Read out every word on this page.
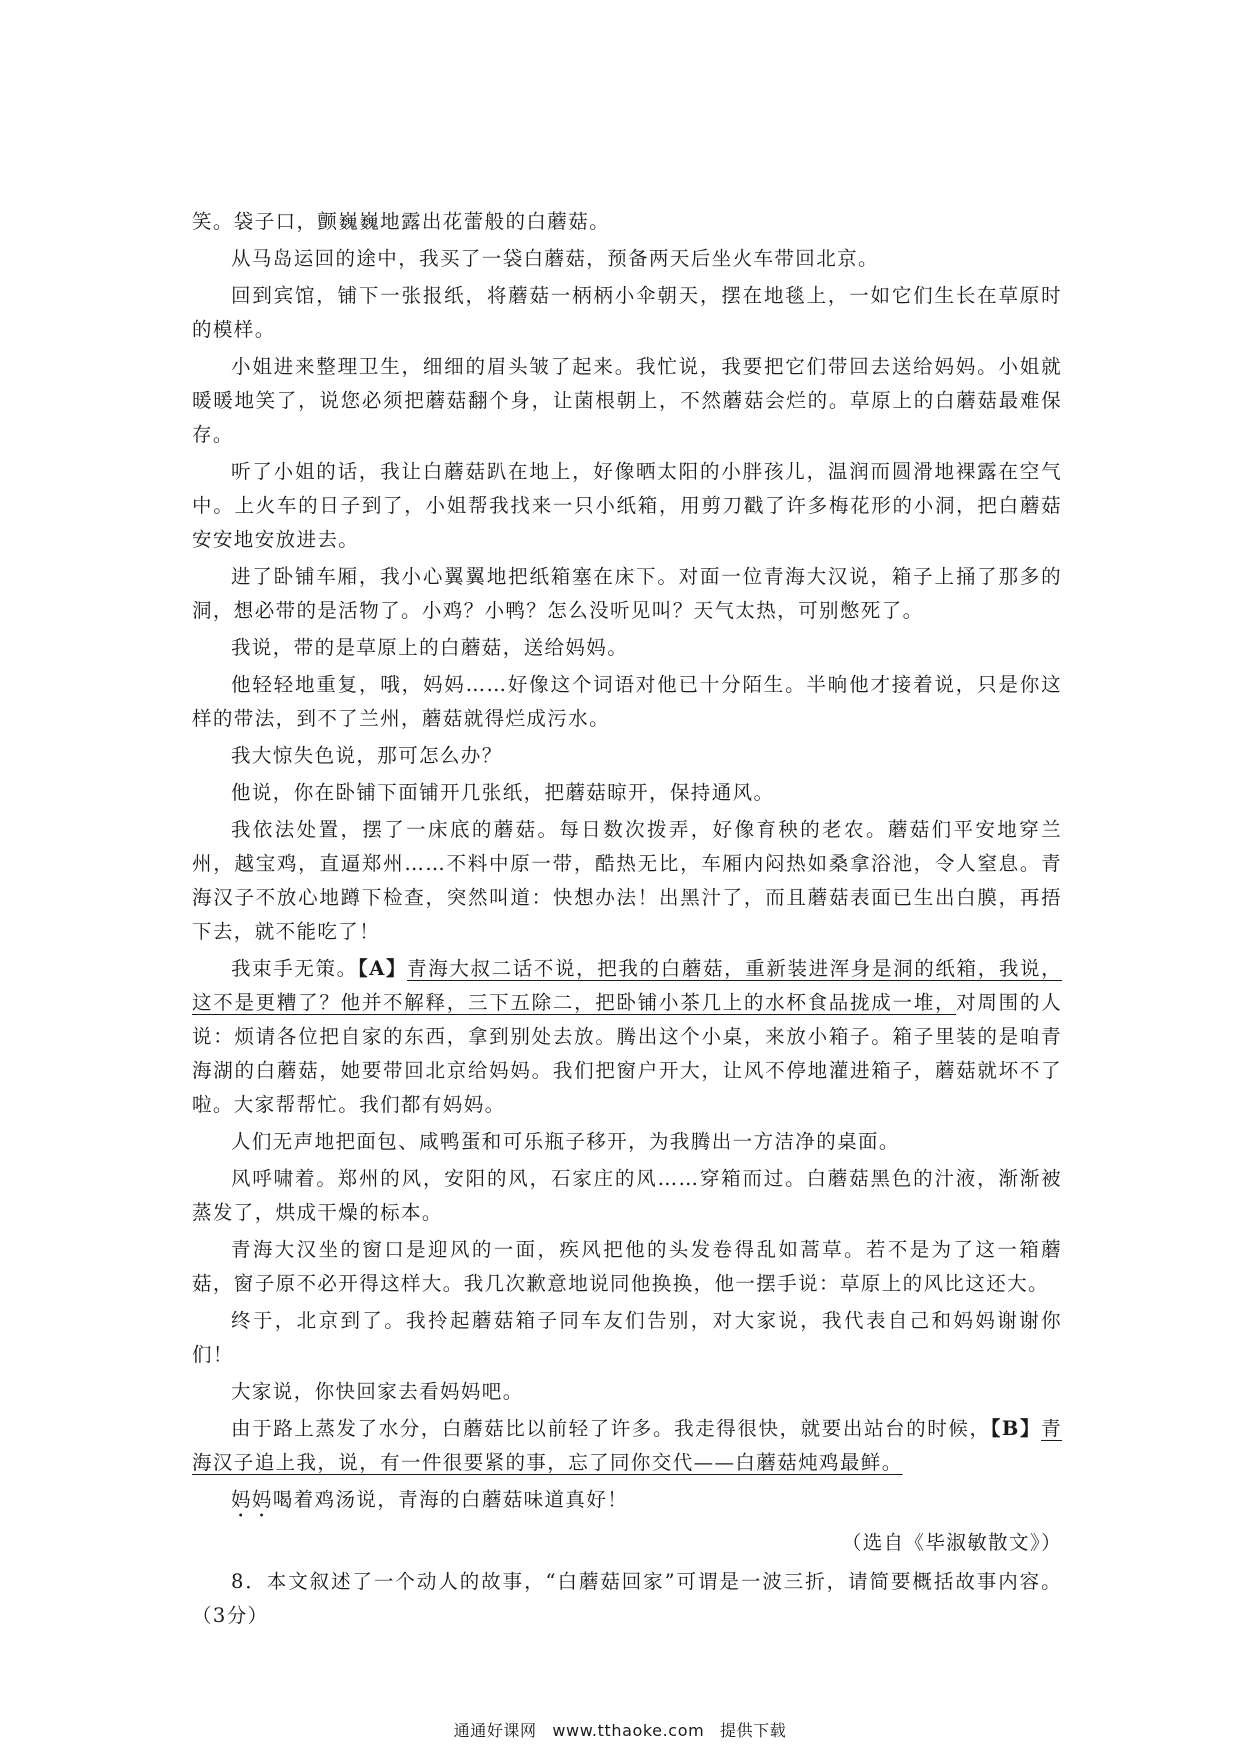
笑。袋子口，颤巍巍地露出花蕾般的白蘑菇。

从马岛运回的途中，我买了一袋白蘑菇，预备两天后坐火车带回北京。

回到宾馆，铺下一张报纸，将蘑菇一柄柄小伞朝天，摆在地毯上，一如它们生长在草原时的模样。

小姐进来整理卫生，细细的眉头皱了起来。我忙说，我要把它们带回去送给妈妈。小姐就暖暖地笑了，说您必须把蘑菇翻个身，让菌根朝上，不然蘑菇会烂的。草原上的白蘑菇最难保存。

听了小姐的话，我让白蘑菇趴在地上，好像晒太阳的小胖孩儿，温润而圆滑地裸露在空气中。上火车的日子到了，小姐帮我找来一只小纸箱，用剪刀戳了许多梅花形的小洞，把白蘑菇安安地安放进去。

进了卧铺车厢，我小心翼翼地把纸箱塞在床下。对面一位青海大汉说，箱子上捅了那多的洞，想必带的是活物了。小鸡？小鸭？怎么没听见叫？天气太热，可别憋死了。

我说，带的是草原上的白蘑菇，送给妈妈。

他轻轻地重复，哦，妈妈……好像这个词语对他已十分陌生。半晌他才接着说，只是你这样的带法，到不了兰州，蘑菇就得烂成污水。

我大惊失色说，那可怎么办？

他说，你在卧铺下面铺开几张纸，把蘑菇晾开，保持通风。

我依法处置，摆了一床底的蘑菇。每日数次拨弄，好像育秧的老农。蘑菇们平安地穿兰州，越宝鸡，直逼郑州……不料中原一带，酷热无比，车厢内闷热如桑拿浴池，令人窒息。青海汉子不放心地蹲下检查，突然叫道：快想办法！出黑汁了，而且蘑菇表面已生出白膜，再捂下去，就不能吃了！

我束手无策。【A】青海大叔二话不说，把我的白蘑菇，重新装进浑身是洞的纸箱，我说，这不是更糟了？他并不解释，三下五除二，把卧铺小茶几上的水杯食品拢成一堆，对周围的人说：烦请各位把自家的东西，拿到别处去放。腾出这个小桌，来放小箱子。箱子里装的是咱青海湖的白蘑菇，她要带回北京给妈妈。我们把窗户开大，让风不停地灌进箱子，蘑菇就坏不了啦。大家帮帮忙。我们都有妈妈。

人们无声地把面包、咸鸭蛋和可乐瓶子移开，为我腾出一方洁净的桌面。

风呼啸着。郑州的风，安阳的风，石家庄的风……穿箱而过。白蘑菇黑色的汁液，渐渐被蒸发了，烘成干燥的标本。

青海大汉坐的窗口是迎风的一面，疾风把他的头发卷得乱如蒿草。若不是为了这一箱蘑菇，窗子原不必开得这样大。我几次歉意地说同他换换，他一摆手说：草原上的风比这还大。

终于，北京到了。我拎起蘑菇箱子同车友们告别，对大家说，我代表自己和妈妈谢谢你们！

大家说，你快回家去看妈妈吧。

由于路上蒸发了水分，白蘑菇比以前轻了许多。我走得很快，就要出站台的时候，【B】青海汉子追上我，说，有一件很要紧的事，忘了同你交代——白蘑菇炖鸡最鲜。

妈妈喝着鸡汤说，青海的白蘑菇味道真好！

（选自《毕淑敏散文》）

8．本文叙述了一个动人的故事，“白蘑菇回家”可谓是一波三折，请简要概括故事内容。（3分）

通通好课网 www.tthaoke.com 提供下载
